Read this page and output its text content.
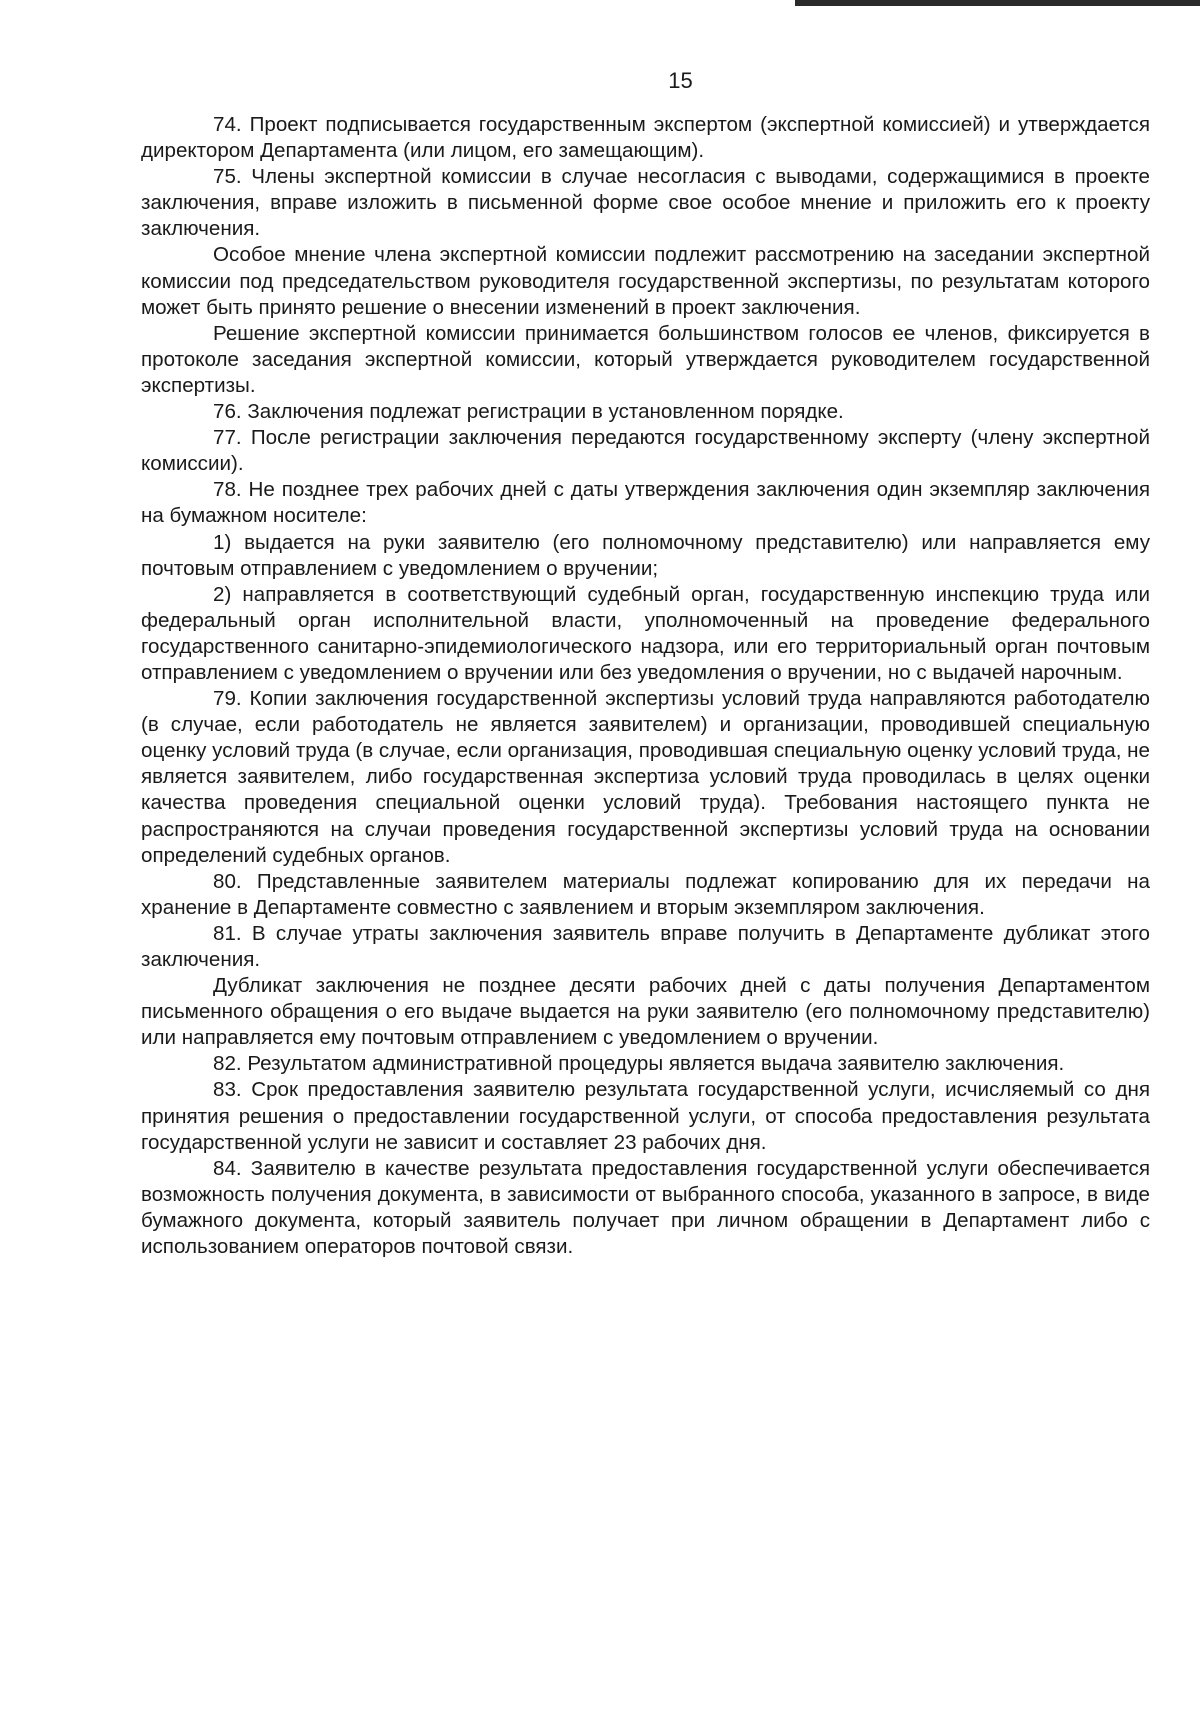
15

74. Проект подписывается государственным экспертом (экспертной комиссией) и утверждается директором Департамента (или лицом, его замещающим).

75. Члены экспертной комиссии в случае несогласия с выводами, содержащимися в проекте заключения, вправе изложить в письменной форме свое особое мнение и приложить его к проекту заключения.

Особое мнение члена экспертной комиссии подлежит рассмотрению на заседании экспертной комиссии под председательством руководителя государственной экспертизы, по результатам которого может быть принято решение о внесении изменений в проект заключения.

Решение экспертной комиссии принимается большинством голосов ее членов, фиксируется в протоколе заседания экспертной комиссии, который утверждается руководителем государственной экспертизы.

76. Заключения подлежат регистрации в установленном порядке.

77. После регистрации заключения передаются государственному эксперту (члену экспертной комиссии).

78. Не позднее трех рабочих дней с даты утверждения заключения один экземпляр заключения на бумажном носителе:

1) выдается на руки заявителю (его полномочному представителю) или направляется ему почтовым отправлением с уведомлением о вручении;

2) направляется в соответствующий судебный орган, государственную инспекцию труда или федеральный орган исполнительной власти, уполномоченный на проведение федерального государственного санитарно-эпидемиологического надзора, или его территориальный орган почтовым отправлением с уведомлением о вручении или без уведомления о вручении, но с выдачей нарочным.

79. Копии заключения государственной экспертизы условий труда направляются работодателю (в случае, если работодатель не является заявителем) и организации, проводившей специальную оценку условий труда (в случае, если организация, проводившая специальную оценку условий труда, не является заявителем, либо государственная экспертиза условий труда проводилась в целях оценки качества проведения специальной оценки условий труда). Требования настоящего пункта не распространяются на случаи проведения государственной экспертизы условий труда на основании определений судебных органов.

80. Представленные заявителем материалы подлежат копированию для их передачи на хранение в Департаменте совместно с заявлением и вторым экземпляром заключения.

81. В случае утраты заключения заявитель вправе получить в Департаменте дубликат этого заключения.

Дубликат заключения не позднее десяти рабочих дней с даты получения Департаментом письменного обращения о его выдаче выдается на руки заявителю (его полномочному представителю) или направляется ему почтовым отправлением с уведомлением о вручении.

82. Результатом административной процедуры является выдача заявителю заключения.

83. Срок предоставления заявителю результата государственной услуги, исчисляемый со дня принятия решения о предоставлении государственной услуги, от способа предоставления результата государственной услуги не зависит и составляет 23 рабочих дня.

84. Заявителю в качестве результата предоставления государственной услуги обеспечивается возможность получения документа, в зависимости от выбранного способа, указанного в запросе, в виде бумажного документа, который заявитель получает при личном обращении в Департамент либо с использованием операторов почтовой связи.
